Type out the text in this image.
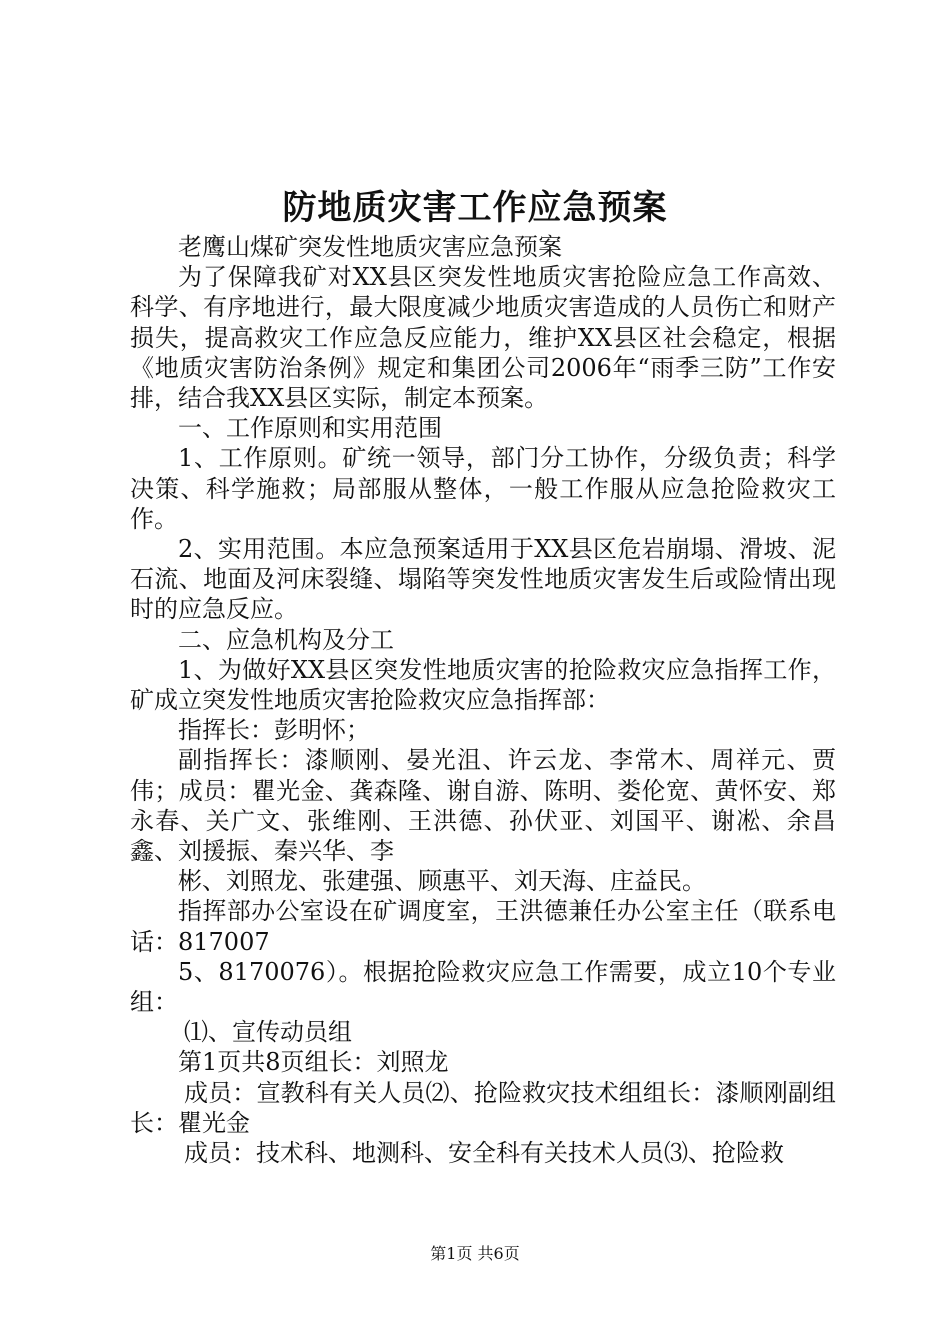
防地质灾害工作应急预案

老鹰山煤矿突发性地质灾害应急预案

为了保障我矿对XX县区突发性地质灾害抢险应急工作高效、科学、有序地进行，最大限度减少地质灾害造成的人员伤亡和财产损失，提高救灾工作应急反应能力，维护XX县区社会稳定，根据《地质灾害防治条例》规定和集团公司2006年“雨季三防”工作安排，结合我XX县区实际，制定本预案。

一、工作原则和实用范围

1、工作原则。矿统一领导，部门分工协作，分级负责；科学决策、科学施救；局部服从整体，一般工作服从应急抢险救灾工作。

2、实用范围。本应急预案适用于XX县区危岩崩塌、滑坡、泥石流、地面及河床裂缝、塌陷等突发性地质灾害发生后或险情出现时的应急反应。

二、应急机构及分工

1、为做好XX县区突发性地质灾害的抢险救灾应急指挥工作，矿成立突发性地质灾害抢险救灾应急指挥部：

指挥长：彭明怀；

副指挥长：漆顺刚、晏光沮、许云龙、李常木、周祥元、贾伟；成员：瞿光金、龚森隆、谢自游、陈明、娄伦宽、黄怀安、郑永春、关广文、张维刚、王洪德、孙伏亚、刘国平、谢凇、余昌鑫、刘援振、秦兴华、李

彬、刘照龙、张建强、顾惠平、刘天海、庄益民。

指挥部办公室设在矿调度室，王洪德兼任办公室主任（联系电话：817007

5、8170076）。根据抢险救灾应急工作需要，成立10个专业组：

⑴、宣传动员组

第1页共8页组长：刘照龙

成员：宣教科有关人员⑵、抢险救灾技术组组长：漆顺刚副组长：瞿光金

成员：技术科、地测科、安全科有关技术人员⑶、抢险救

第1页 共6页
